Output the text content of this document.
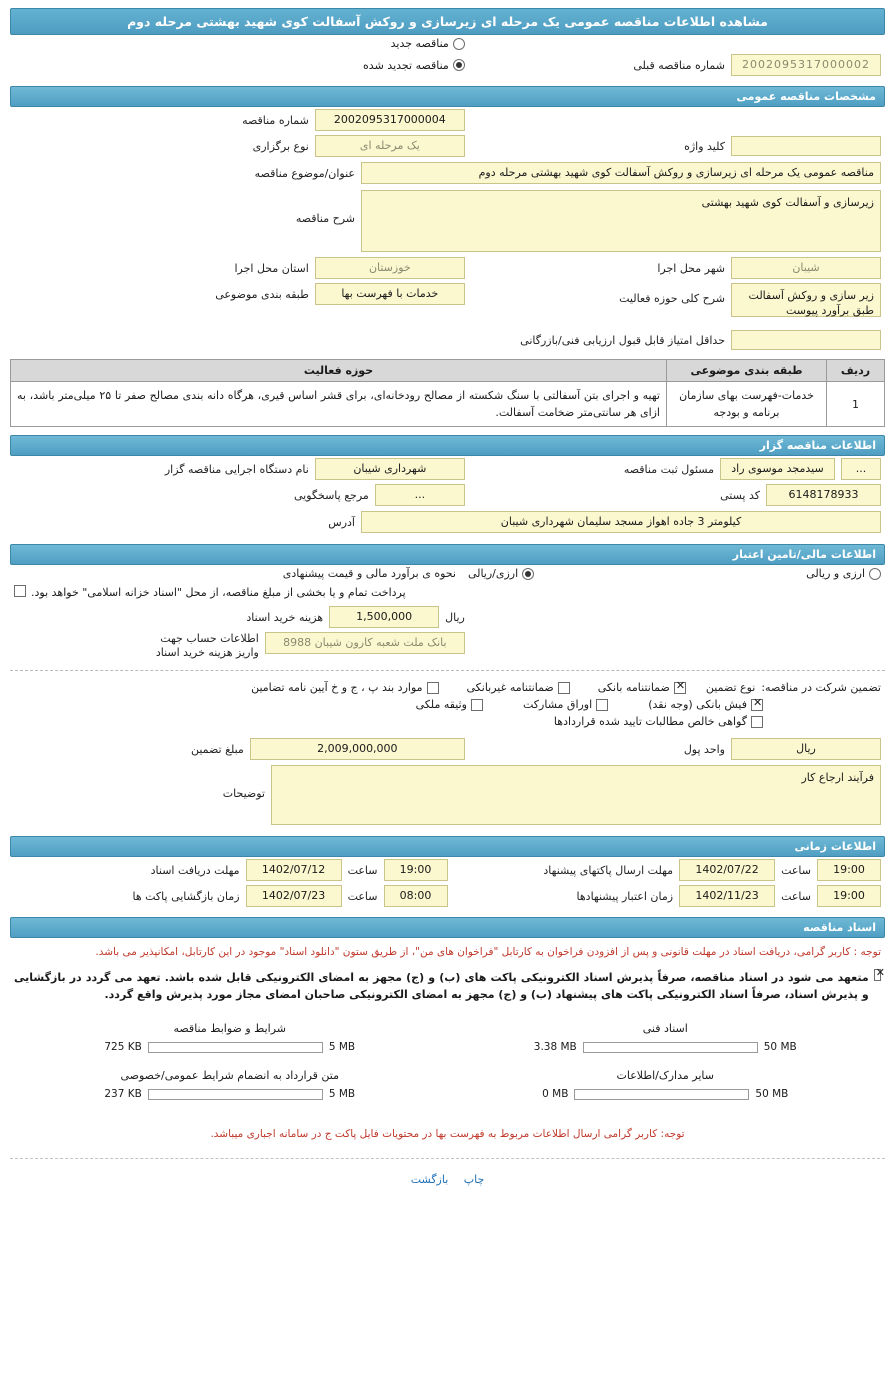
مشاهده اطلاعات مناقصه عمومی یک مرحله ای زیرسازی و روکش آسفالت کوی شهید بهشتی مرحله دوم
مناقصه جدید
2002095317000002
شماره مناقصه قبلی
مناقصه تجدید شده
مشخصات مناقصه عمومی
2002095317000004
شماره مناقصه
کلید واژه
یک مرحله ای
نوع برگزاری
مناقصه عمومی یک مرحله ای زیرسازی و روکش آسفالت کوی شهید بهشتی مرحله دوم
عنوان/موضوع مناقصه
زیرسازی و آسفالت کوی شهید بهشتی
شرح مناقصه
شیبان
شهر محل اجرا
خوزستان
استان محل اجرا
زیر سازی و روکش آسفالت طبق برآورد پیوست
شرح کلی حوزه فعالیت
خدمات با فهرست بها
طبقه بندی موضوعی
حداقل امتیاز قابل قبول ارزیابی فنی/بازرگانی
ردیف	طبقه بندی موضوعی	حوزه فعالیت
1	خدمات-فهرست بهای سازمان برنامه و بودجه	تهیه و اجرای بتن آسفالتی با سنگ شکسته از مصالح رودخانه‌ای، برای قشر اساس قیری، هرگاه دانه بندی مصالح صفر تا ۲۵ میلی‌متر باشد، به ازای هر سانتی‌متر ضخامت آسفالت.
اطلاعات مناقصه گزار
...
سیدمجد موسوی راد
مسئول ثبت مناقصه
شهرداری شیبان
نام دستگاه اجرایی مناقصه گزار
6148178933
کد پستی
...
مرجع پاسخگویی
کیلومتر 3 جاده اهواز مسجد سلیمان شهرداری شیبان
آدرس
اطلاعات مالی/تامین اعتبار
ارزی و ریالی
ارزی/ریالی
نحوه ی برآورد مالی و قیمت پیشنهادی
پرداخت تمام و یا بخشی از مبلغ مناقصه، از محل "اسناد خزانه اسلامی" خواهد بود.
ریال
1,500,000
هزینه خرید اسناد
بانک ملت شعبه کارون شیبان 8988
اطلاعات حساب جهت واریز هزینه خرید اسناد
تضمین شرکت در مناقصه:
نوع تضمین
✕
ضمانتنامه بانکی
ضمانتنامه غیربانکی
موارد بند پ ، ج و خ آیین نامه تضامین
✕
فیش بانکی (وجه نقد)
اوراق مشارکت
وثیقه ملکی
گواهی خالص مطالبات تایید شده قراردادها
ریال
واحد پول
2,009,000,000
مبلغ تضمین
فرآیند ارجاع کار
توضیحات
اطلاعات زمانی
19:00
ساعت
1402/07/22
مهلت ارسال پاکتهای پیشنهاد
19:00
ساعت
1402/07/12
مهلت دریافت اسناد
19:00
ساعت
1402/11/23
زمان اعتبار پیشنهادها
08:00
ساعت
1402/07/23
زمان بازگشایی پاکت ها
اسناد مناقصه
توجه : کاربر گرامی، دریافت اسناد در مهلت قانونی و پس از افزودن فراخوان به کارتابل "فراخوان های من"، از طریق ستون "دانلود اسناد" موجود در این کارتابل، امکانپذیر می باشد.
✕
متعهد می شود در اسناد مناقصه، صرفاً پذیرش اسناد الکترونیکی پاکت های (ب) و (ج) مجهز به امضای الکترونیکی قابل شده باشد. تعهد می گردد در بازگشایی و پذیرش اسناد، صرفاً اسناد الکترونیکی پاکت های پیشنهاد (ب) و (ج) مجهز به امضای الکترونیکی صاحبان امضای مجاز مورد پذیرش واقع گردد.
اسناد فنی
3.38 MB	50 MB
شرایط و ضوابط مناقصه
725 KB	5 MB
سایر مدارک/اطلاعات
0 MB	50 MB
متن قرارداد به انضمام شرایط عمومی/خصوصی
237 KB	5 MB
توجه: کاربر گرامی ارسال اطلاعات مربوط به فهرست بها در محتویات فایل پاکت ج در سامانه اجباری میباشد.
چاپ بازگشت
